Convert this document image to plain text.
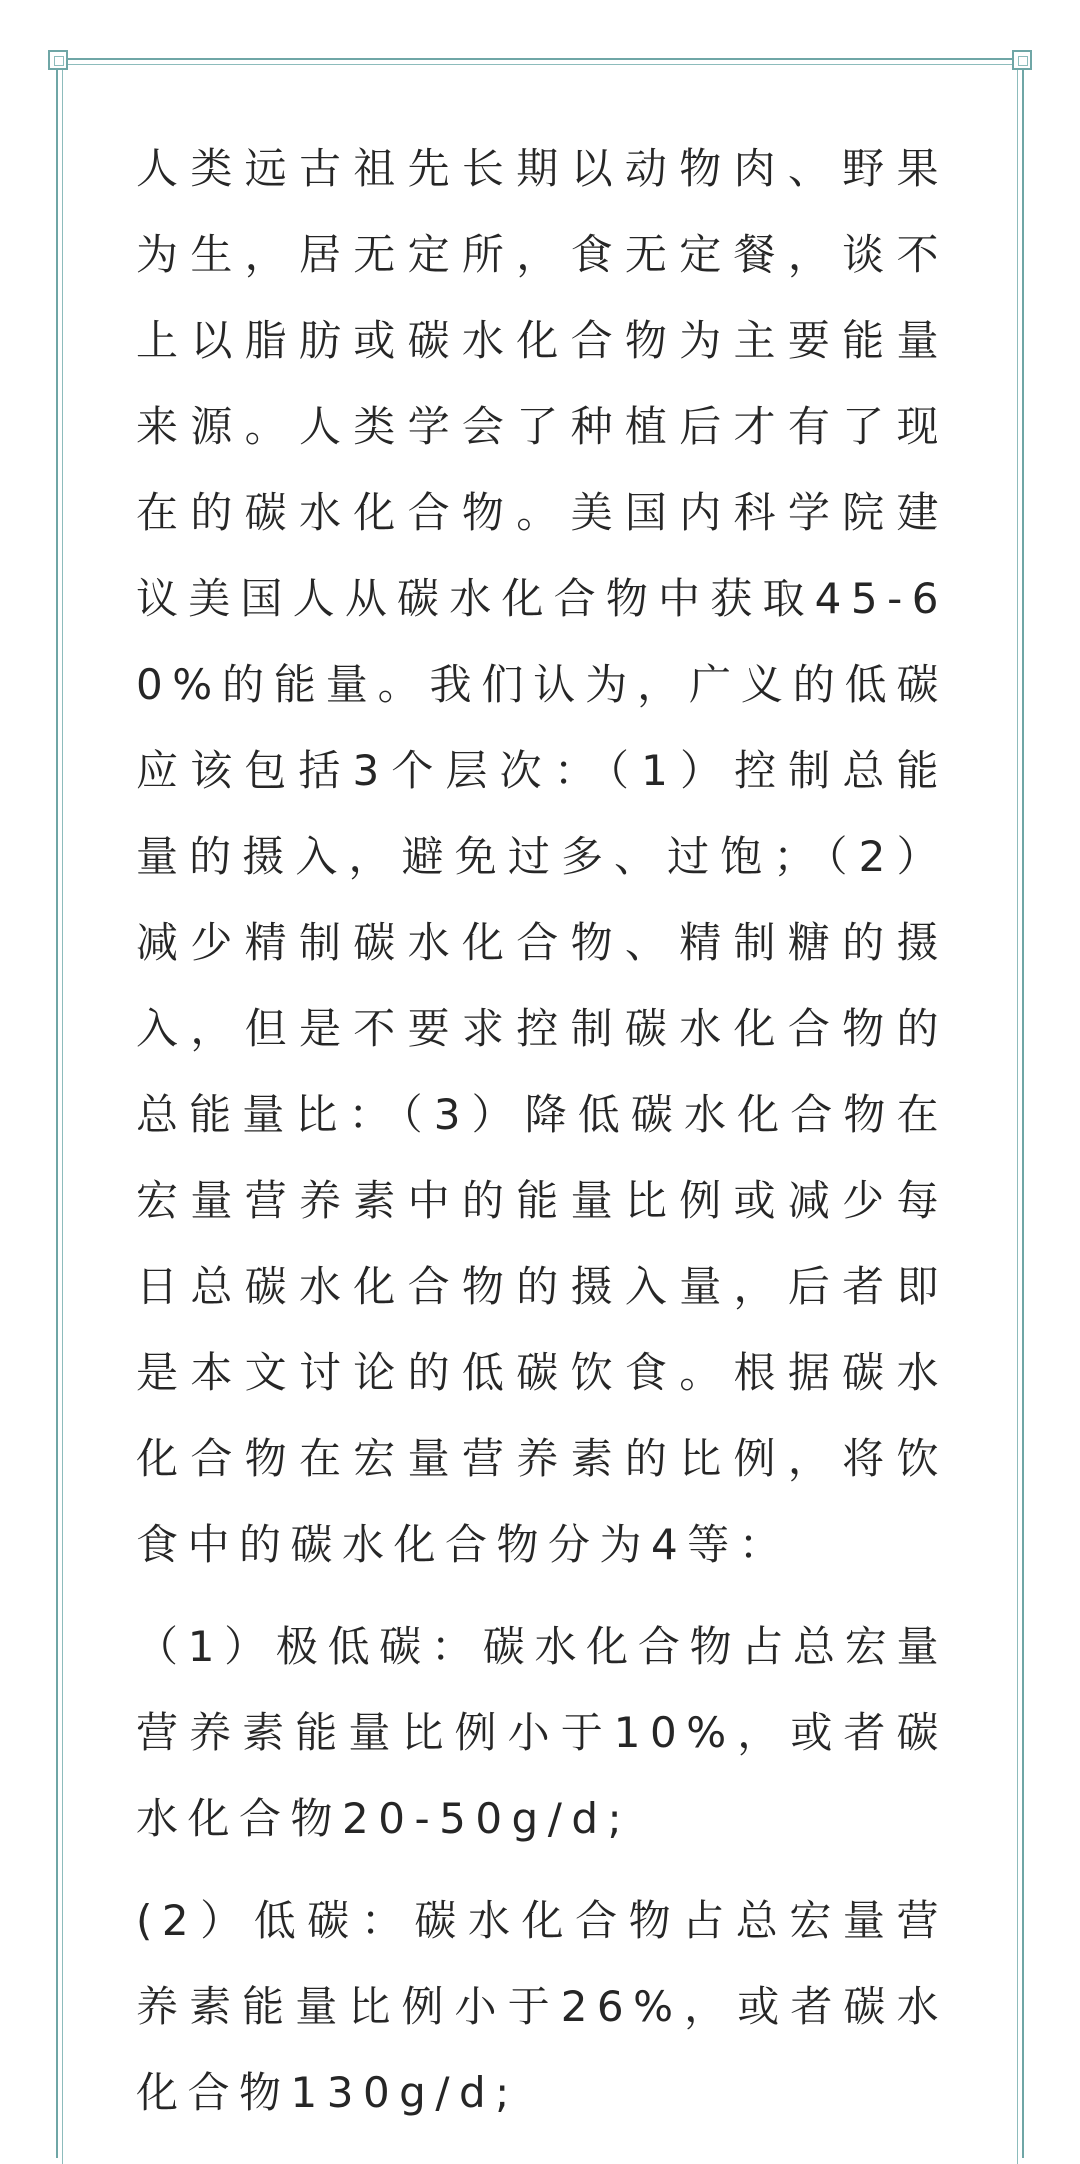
人类远古祖先长期以动物肉、野果为生，居无定所，食无定餐，谈不上以脂肪或碳水化合物为主要能量来源。人类学会了种植后才有了现在的碳水化合物。美国内科学院建议美国人从碳水化合物中获取45-60%的能量。我们认为，广义的低碳应该包括3个层次：（1）控制总能量的摄入，避免过多、过饱；（2）减少精制碳水化合物、精制糖的摄入，但是不要求控制碳水化合物的总能量比：（3）降低碳水化合物在宏量营养素中的能量比例或减少每日总碳水化合物的摄入量，后者即是本文讨论的低碳饮食。根据碳水化合物在宏量营养素的比例，将饮食中的碳水化合物分为4等：

（1）极低碳：碳水化合物占总宏量营养素能量比例小于10%，或者碳水化合物20-50g/d;

(2）低碳：碳水化合物占总宏量营养素能量比例小于26%，或者碳水化合物130g/d;
